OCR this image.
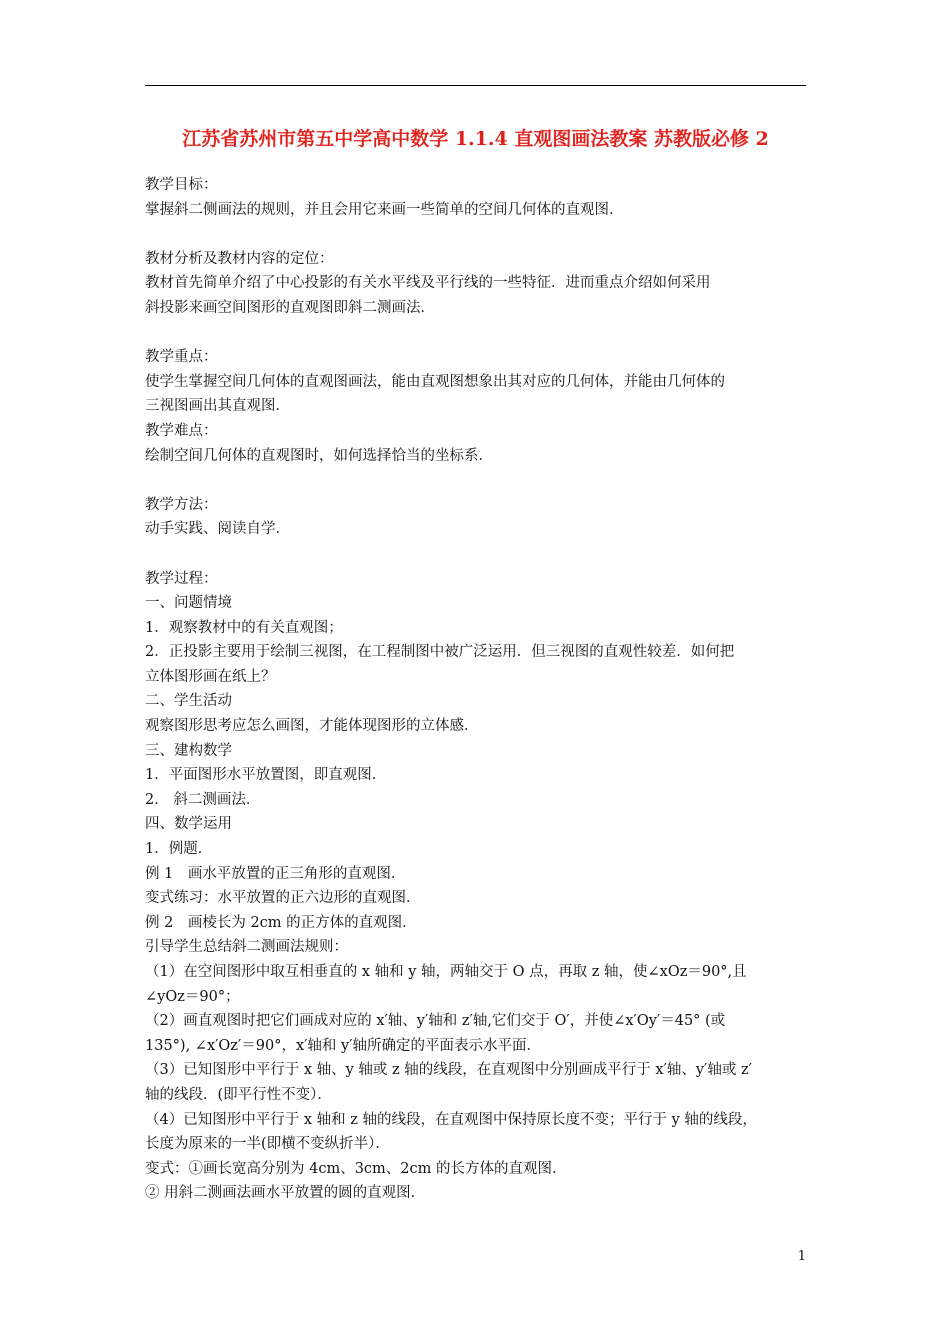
江苏省苏州市第五中学高中数学 1.1.4 直观图画法教案 苏教版必修 2
教学目标：
掌握斜二侧画法的规则，并且会用它来画一些简单的空间几何体的直观图．
教材分析及教材内容的定位：
教材首先简单介绍了中心投影的有关水平线及平行线的一些特征．进而重点介绍如何采用
斜投影来画空间图形的直观图即斜二测画法．
教学重点：
使学生掌握空间几何体的直观图画法，能由直观图想象出其对应的几何体，并能由几何体的
三视图画出其直观图．
教学难点：
绘制空间几何体的直观图时，如何选择恰当的坐标系．
教学方法：
动手实践、阅读自学．
教学过程：
一、问题情境
1．观察教材中的有关直观图；
2．正投影主要用于绘制三视图，在工程制图中被广泛运用．但三视图的直观性较差．如何把
立体图形画在纸上？
二、学生活动
观察图形思考应怎么画图，才能体现图形的立体感．
三、建构数学
1．平面图形水平放置图，即直观图．
2． 斜二测画法．
四、数学运用
1．例题．
例 1　画水平放置的正三角形的直观图．
变式练习：水平放置的正六边形的直观图．
例 2　画棱长为 2cm 的正方体的直观图．
引导学生总结斜二测画法规则：
（1）在空间图形中取互相垂直的 x 轴和 y 轴，两轴交于 O 点，再取 z 轴，使∠xOz＝90°,且
∠yOz＝90°；
（2）画直观图时把它们画成对应的 x′轴、y′轴和 z′轴,它们交于 O′，并使∠x′Oy′＝45° (或
135°), ∠x′Oz′＝90°，x′轴和 y′轴所确定的平面表示水平面．
（3）已知图形中平行于 x 轴、y 轴或 z 轴的线段，在直观图中分别画成平行于 x′轴、y′轴或 z′
轴的线段．(即平行性不变）．
（4）已知图形中平行于 x 轴和 z 轴的线段，在直观图中保持原长度不变；平行于 y 轴的线段，
长度为原来的一半(即横不变纵折半）．
变式：①画长宽高分别为 4cm、3cm、2cm 的长方体的直观图．
② 用斜二测画法画水平放置的圆的直观图．
1
